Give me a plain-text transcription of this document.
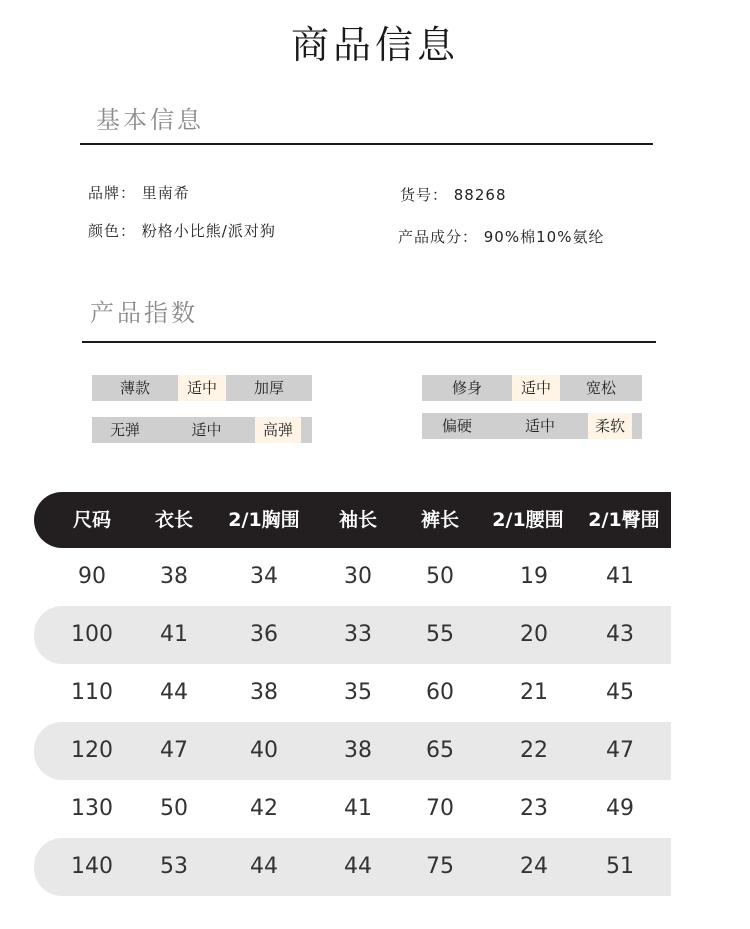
商品信息
基本信息
品牌： 里南希	货号： 88268
颜色： 粉格小比熊/派对狗	产品成分： 90%棉10%氨纶
产品指数
薄款	适中	加厚	修身	适中	宽松
无弹	适中	高弹	偏硬	适中	柔软
尺码	衣长	2/1胸围	袖长	裤长	2/1腰围	2/1臀围
90	38	34	30	50	19	41
100	41	36	33	55	20	43
110	44	38	35	60	21	45
120	47	40	38	65	22	47
130	50	42	41	70	23	49
140	53	44	44	75	24	51
